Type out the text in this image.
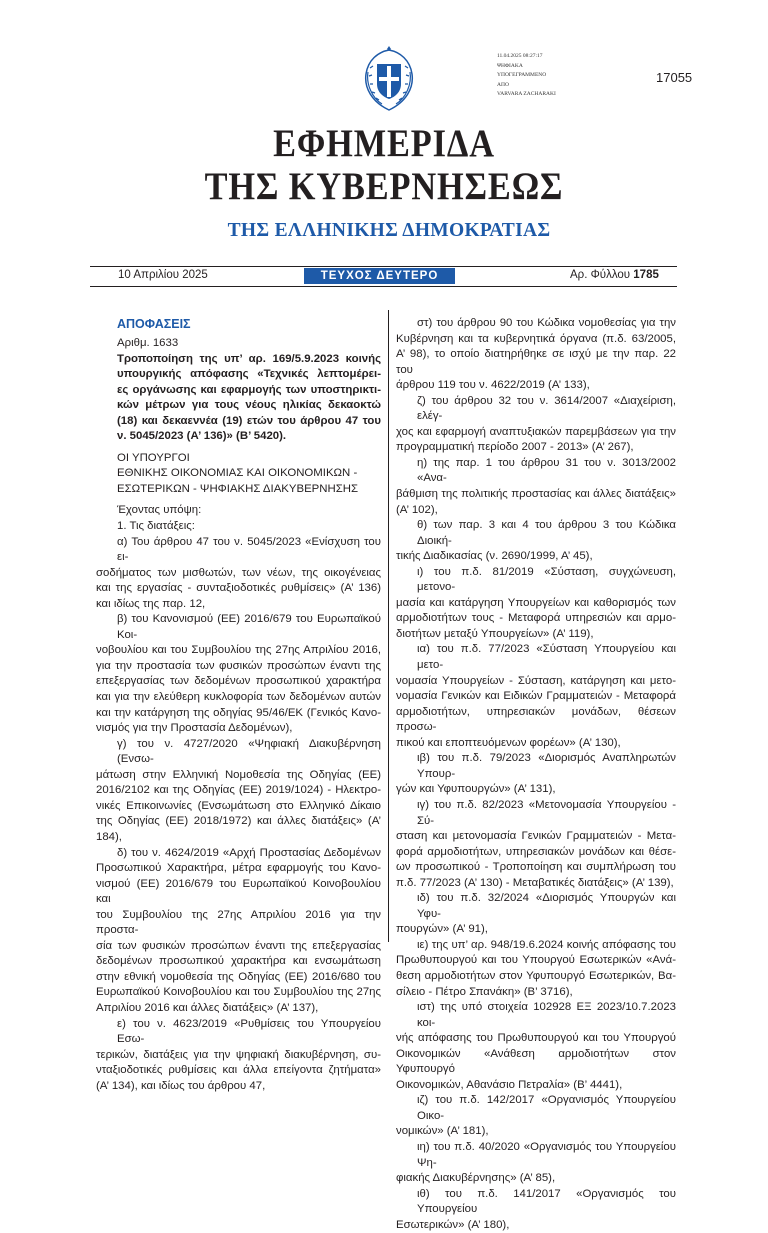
11.04.2025 08:27:17
ΨΗΦΙΑΚΑ
ΥΠΟΓΕΓΡΑΜΜΕΝΟ
ΑΠΟ
VARVARA ZACHARAKI
17055
ΕΦΗΜΕΡΙΔΑ
ΤΗΣ ΚΥΒΕΡΝΗΣΕΩΣ
ΤΗΣ ΕΛΛΗΝΙΚΗΣ ΔΗΜΟΚΡΑΤΙΑΣ
10 Απριλίου 2025	ΤΕΥΧΟΣ ΔΕΥΤΕΡΟ	Αρ. Φύλλου 1785
ΑΠΟΦΑΣΕΙΣ
Αριθμ. 1633
Τροποποίηση της υπ’ αρ. 169/5.9.2023 κοινής
υπουργικής απόφασης «Τεχνικές λεπτομέρει-
ες οργάνωσης και εφαρμογής των υποστηρικτι-
κών μέτρων για τους νέους ηλικίας δεκαοκτώ
(18) και δεκαεννέα (19) ετών του άρθρου 47 του
ν. 5045/2023 (Α’ 136)» (Β’ 5420).
ΟΙ ΥΠΟΥΡΓΟΙ
ΕΘΝΙΚΗΣ ΟΙΚΟΝΟΜΙΑΣ ΚΑΙ ΟΙΚΟΝΟΜΙΚΩΝ -
ΕΣΩΤΕΡΙΚΩΝ - ΨΗΦΙΑΚΗΣ ΔΙΑΚΥΒΕΡΝΗΣΗΣ
Έχοντας υπόψη:
1. Τις διατάξεις:
α) Του άρθρου 47 του ν. 5045/2023 «Ενίσχυση του ει-
σοδήματος των μισθωτών, των νέων, της οικογένειας
και της εργασίας - συνταξιοδοτικές ρυθμίσεις» (Α’ 136)
και ιδίως της παρ. 12,
β) του Κανονισμού (ΕΕ) 2016/679 του Ευρωπαϊκού Κοι-
νοβουλίου και του Συμβουλίου της 27ης Απριλίου 2016,
για την προστασία των φυσικών προσώπων έναντι της
επεξεργασίας των δεδομένων προσωπικού χαρακτήρα
και για την ελεύθερη κυκλοφορία των δεδομένων αυτών
και την κατάργηση της οδηγίας 95/46/ΕΚ (Γενικός Κανο-
νισμός για την Προστασία Δεδομένων),
γ) του ν. 4727/2020 «Ψηφιακή Διακυβέρνηση (Ενσω-
μάτωση στην Ελληνική Νομοθεσία της Οδηγίας (ΕΕ)
2016/2102 και της Οδηγίας (ΕΕ) 2019/1024) - Ηλεκτρο-
νικές Επικοινωνίες (Ενσωμάτωση στο Ελληνικό Δίκαιο
της Οδηγίας (ΕΕ) 2018/1972) και άλλες διατάξεις» (Α’ 184),
δ) του ν. 4624/2019 «Αρχή Προστασίας Δεδομένων
Προσωπικού Χαρακτήρα, μέτρα εφαρμογής του Κανο-
νισμού (ΕΕ) 2016/679 του Ευρωπαϊκού Κοινοβουλίου και
του Συμβουλίου της 27ης Απριλίου 2016 για την προστα-
σία των φυσικών προσώπων έναντι της επεξεργασίας
δεδομένων προσωπικού χαρακτήρα και ενσωμάτωση
στην εθνική νομοθεσία της Οδηγίας (ΕΕ) 2016/680 του
Ευρωπαϊκού Κοινοβουλίου και του Συμβουλίου της 27ης
Απριλίου 2016 και άλλες διατάξεις» (Α’ 137),
ε) του ν. 4623/2019 «Ρυθμίσεις του Υπουργείου Εσω-
τερικών, διατάξεις για την ψηφιακή διακυβέρνηση, συ-
νταξιοδοτικές ρυθμίσεις και άλλα επείγοντα ζητήματα»
(Α’ 134), και ιδίως του άρθρου 47,
στ) του άρθρου 90 του Κώδικα νομοθεσίας για την
Κυβέρνηση και τα κυβερνητικά όργανα (π.δ. 63/2005,
Α’ 98), το οποίο διατηρήθηκε σε ισχύ με την παρ. 22 του
άρθρου 119 του ν. 4622/2019 (Α’ 133),
ζ) του άρθρου 32 του ν. 3614/2007 «Διαχείριση, ελέγ-
χος και εφαρμογή αναπτυξιακών παρεμβάσεων για την
προγραμματική περίοδο 2007 - 2013» (Α’ 267),
η) της παρ. 1 του άρθρου 31 του ν. 3013/2002 «Ανα-
βάθμιση της πολιτικής προστασίας και άλλες διατάξεις»
(Α’ 102),
θ) των παρ. 3 και 4 του άρθρου 3 του Κώδικα Διοική-
τικής Διαδικασίας (ν. 2690/1999, Α’ 45),
ι) του π.δ. 81/2019 «Σύσταση, συγχώνευση, μετονο-
μασία και κατάργηση Υπουργείων και καθορισμός των
αρμοδιοτήτων τους - Μεταφορά υπηρεσιών και αρμο-
διοτήτων μεταξύ Υπουργείων» (Α’ 119),
ια) του π.δ. 77/2023 «Σύσταση Υπουργείου και μετο-
νομασία Υπουργείων - Σύσταση, κατάργηση και μετο-
νομασία Γενικών και Ειδικών Γραμματειών - Μεταφορά
αρμοδιοτήτων, υπηρεσιακών μονάδων, θέσεων προσω-
πικού και εποπτευόμενων φορέων» (Α’ 130),
ιβ) του π.δ. 79/2023 «Διορισμός Αναπληρωτών Υπουρ-
γών και Υφυπουργών» (Α’ 131),
ιγ) του π.δ. 82/2023 «Μετονομασία Υπουργείου - Σύ-
σταση και μετονομασία Γενικών Γραμματειών - Μετα-
φορά αρμοδιοτήτων, υπηρεσιακών μονάδων και θέσε-
ων προσωπικού - Τροποποίηση και συμπλήρωση του
π.δ. 77/2023 (Α’ 130) - Μεταβατικές διατάξεις» (Α’ 139),
ιδ) του π.δ. 32/2024 «Διορισμός Υπουργών και Υφυ-
πουργών» (Α’ 91),
ιε) της υπ’ αρ. 948/19.6.2024 κοινής απόφασης του
Πρωθυπουργού και του Υπουργού Εσωτερικών «Ανά-
θεση αρμοδιοτήτων στον Υφυπουργό Εσωτερικών, Βα-
σίλειο - Πέτρο Σπανάκη» (Β’ 3716),
ιστ) της υπό στοιχεία 102928 ΕΞ 2023/10.7.2023 κοι-
νής απόφασης του Πρωθυπουργού και του Υπουργού
Οικονομικών «Ανάθεση αρμοδιοτήτων στον Υφυπουργό
Οικονομικών, Αθανάσιο Πετραλία» (Β’ 4441),
ιζ) του π.δ. 142/2017 «Οργανισμός Υπουργείου Οικο-
νομικών» (Α’ 181),
ιη) του π.δ. 40/2020 «Οργανισμός του Υπουργείου Ψη-
φιακής Διακυβέρνησης» (Α’ 85),
ιθ) του π.δ. 141/2017 «Οργανισμός του Υπουργείου
Εσωτερικών» (Α’ 180),
